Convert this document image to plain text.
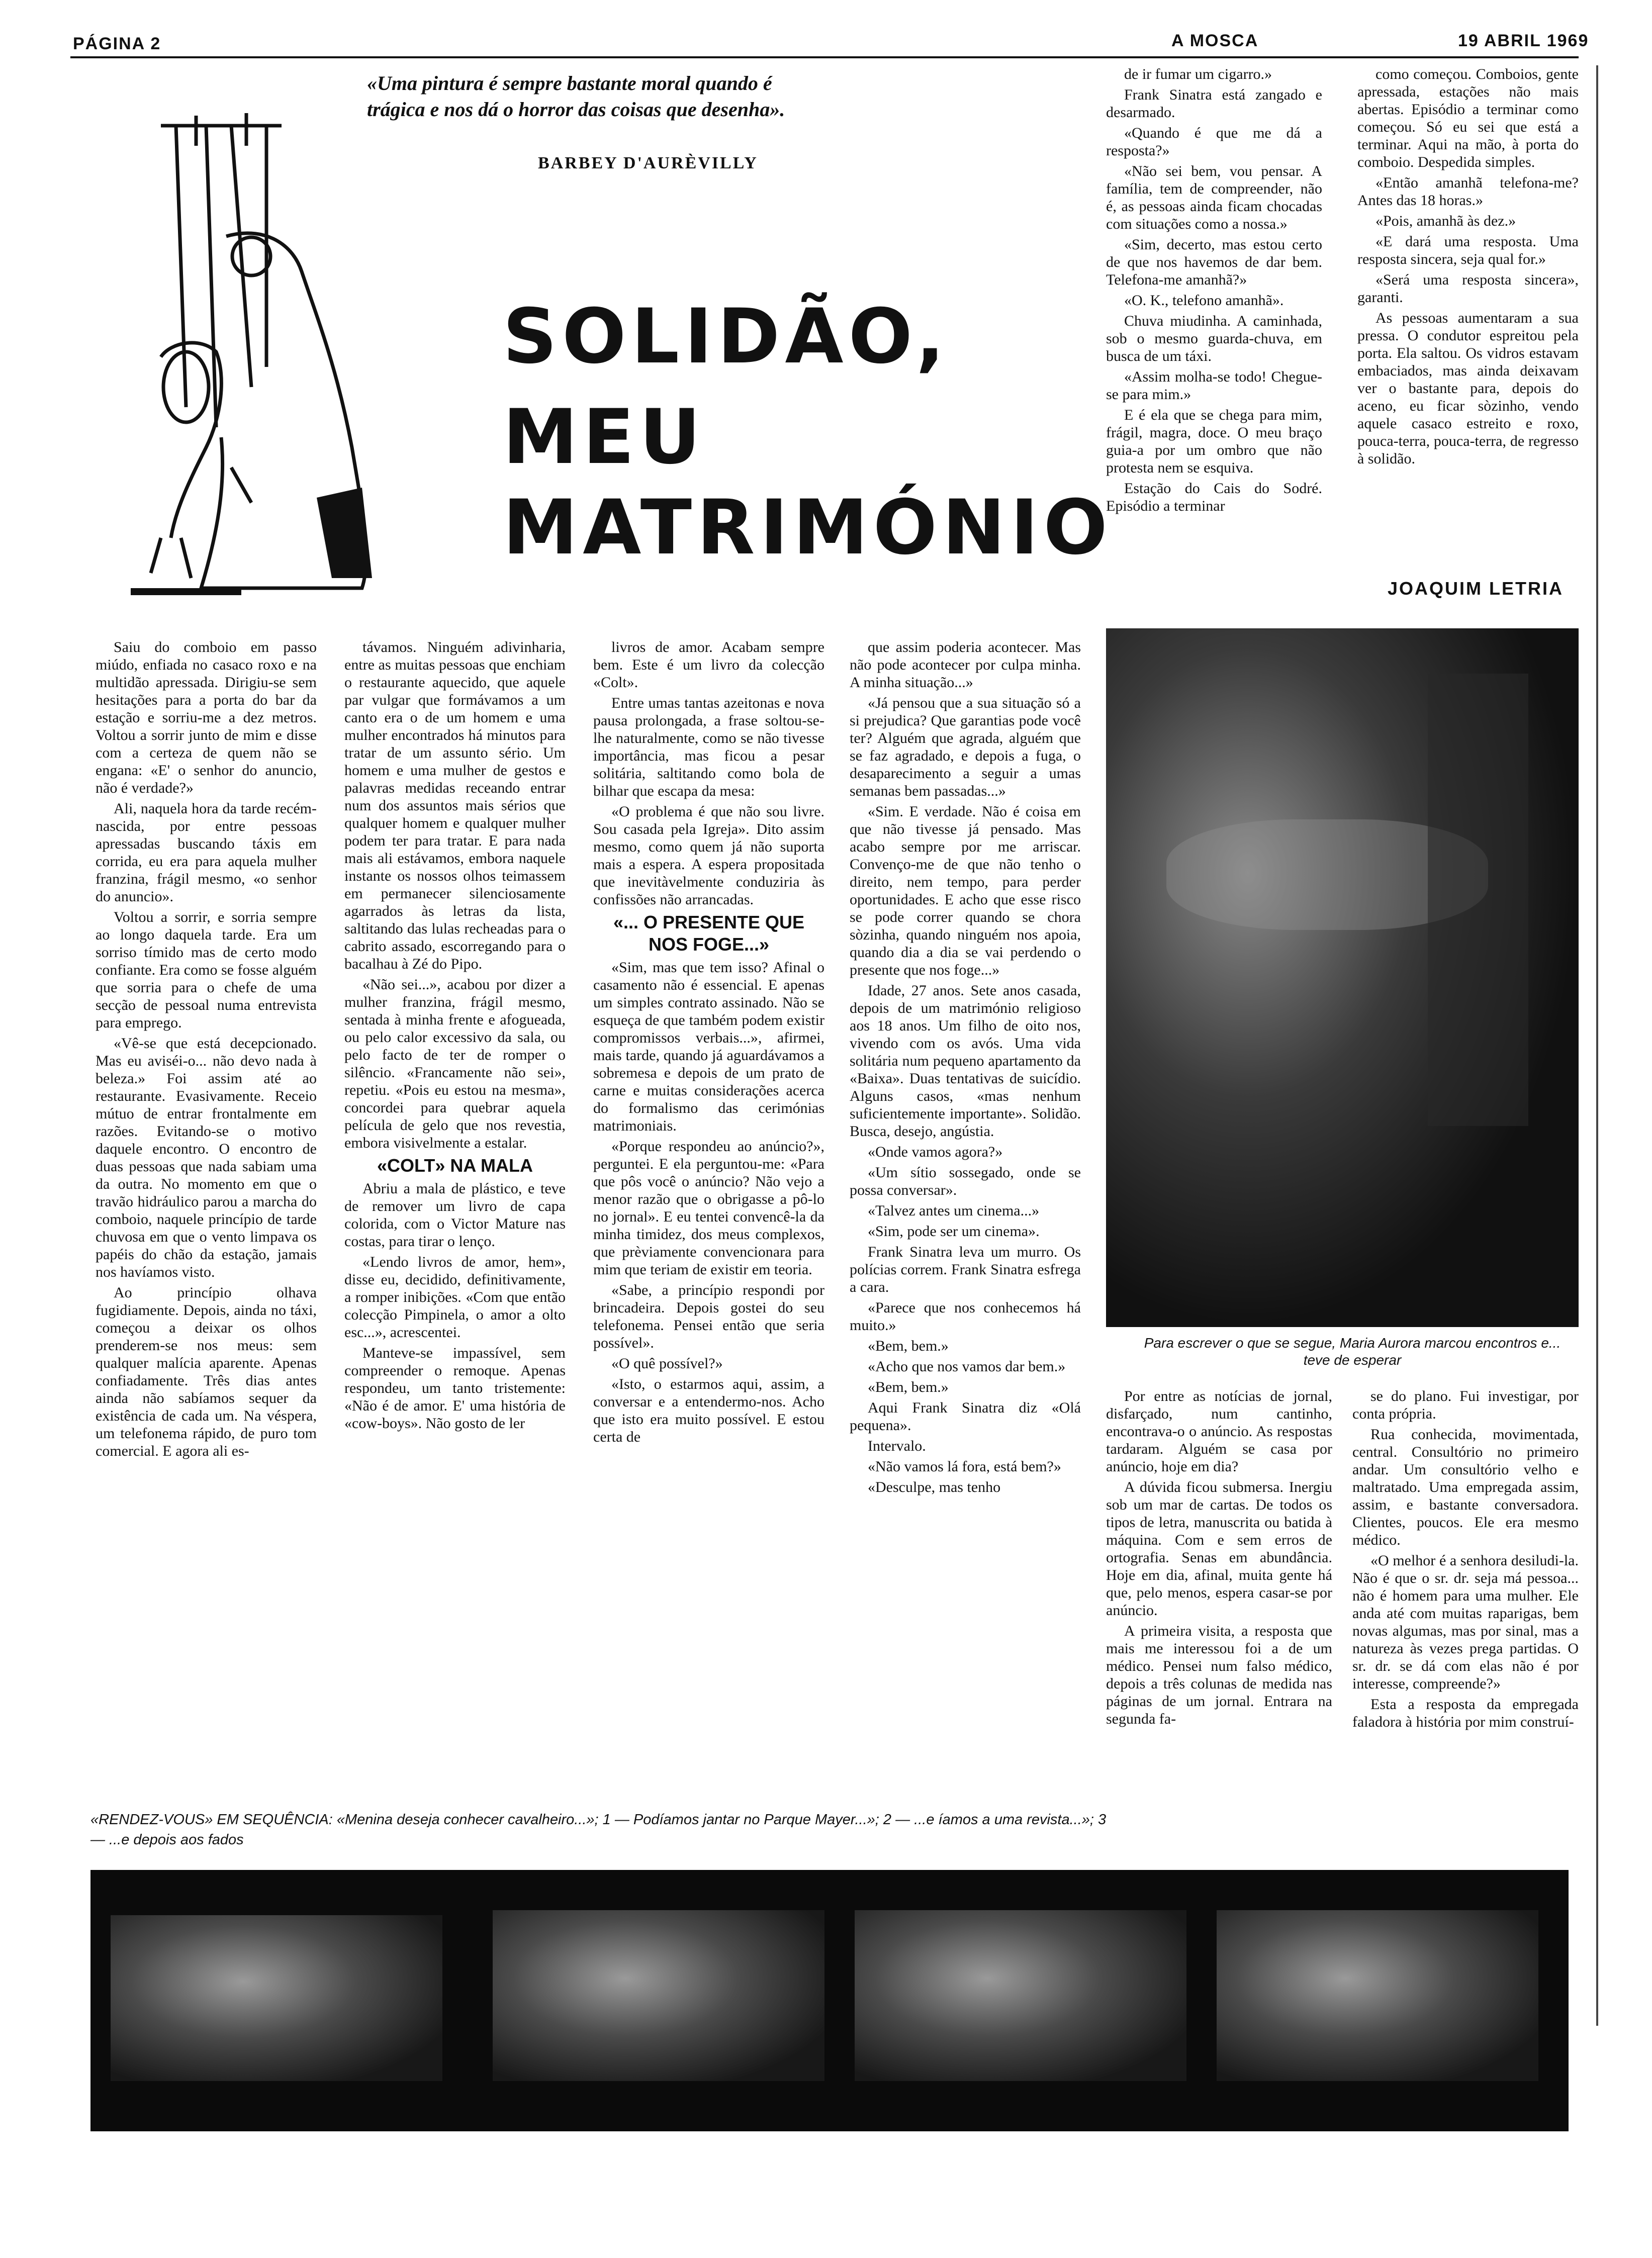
PÁGINA 2	A MOSCA	19 ABRIL 1969
«Uma pintura é sempre bastante moral quando é trágica e nos dá o horror das coisas que desenha».
BARBEY D'AURÈVILLY
SOLIDÃO,
MEU
MATRIMÓNIO

Saiu do comboio em passo miúdo, enfiada no casaco roxo e na multidão apressada. Dirigiu-se sem hesitações para a porta do bar da estação e sorriu-me a dez metros. Voltou a sorrir junto de mim e disse com a certeza de quem não se engana: «E' o senhor do anuncio, não é verdade?»

Ali, naquela hora da tarde recém-nascida, por entre pessoas apressadas buscando táxis em corrida, eu era para aquela mulher franzina, frágil mesmo, «o senhor do anuncio».

Voltou a sorrir, e sorria sempre ao longo daquela tarde. Era um sorriso tímido mas de certo modo confiante. Era como se fosse alguém que sorria para o chefe de uma secção de pessoal numa entrevista para emprego.

«Vê-se que está decepcionado. Mas eu aviséi-o... não devo nada à beleza.» Foi assim até ao restaurante. Evasivamente. Receio mútuo de entrar frontalmente em razões. Evitando-se o motivo daquele encontro. O encontro de duas pessoas que nada sabiam uma da outra. No momento em que o travão hidráulico parou a marcha do comboio, naquele princípio de tarde chuvosa em que o vento limpava os papéis do chão da estação, jamais nos havíamos visto.

Ao princípio olhava fugidiamente. Depois, ainda no táxi, começou a deixar os olhos prenderem-se nos meus: sem qualquer malícia aparente. Apenas confiadamente. Três dias antes ainda não sabíamos sequer da existência de cada um. Na véspera, um telefonema rápido, de puro tom comercial. E agora ali es-

távamos. Ninguém adivinharia, entre as muitas pessoas que enchiam o restaurante aquecido, que aquele par vulgar que formávamos a um canto era o de um homem e uma mulher encontrados há minutos para tratar de um assunto sério. Um homem e uma mulher de gestos e palavras medidas receando entrar num dos assuntos mais sérios que qualquer homem e qualquer mulher podem ter para tratar. E para nada mais ali estávamos, embora naquele instante os nossos olhos teimassem em permanecer silenciosamente agarrados às letras da lista, saltitando das lulas recheadas para o cabrito assado, escorregando para o bacalhau à Zé do Pipo.

«Não sei...», acabou por dizer a mulher franzina, frágil mesmo, sentada à minha frente e afogueada, ou pelo calor excessivo da sala, ou pelo facto de ter de romper o silêncio. «Francamente não sei», repetiu. «Pois eu estou na mesma», concordei para quebrar aquela película de gelo que nos revestia, embora visivelmente a estalar.

«COLT» NA MALA

Abriu a mala de plástico, e teve de remover um livro de capa colorida, com o Victor Mature nas costas, para tirar o lenço.

«Lendo livros de amor, hem», disse eu, decidido, definitivamente, a romper inibições. «Com que então colecção Pimpinela, o amor a olto esc...», acrescentei.

Manteve-se impassível, sem compreender o remoque. Apenas respondeu, um tanto tristemente: «Não é de amor. E' uma história de «cow-boys». Não gosto de ler

livros de amor. Acabam sempre bem. Este é um livro da colecção «Colt».

Entre umas tantas azeitonas e nova pausa prolongada, a frase soltou-se-lhe naturalmente, como se não tivesse importância, mas ficou a pesar solitária, saltitando como bola de bilhar que escapa da mesa:

«O problema é que não sou livre. Sou casada pela Igreja». Dito assim mesmo, como quem já não suporta mais a espera. A espera propositada que inevitàvelmente conduziria às confissões não arrancadas.

«... O PRESENTE QUE NOS FOGE...»

«Sim, mas que tem isso? Afinal o casamento não é essencial. E apenas um simples contrato assinado. Não se esqueça de que também podem existir compromissos verbais...», afirmei, mais tarde, quando já aguardávamos a sobremesa e depois de um prato de carne e muitas considerações acerca do formalismo das cerimónias matrimoniais.

«Porque respondeu ao anúncio?», perguntei. E ela perguntou-me: «Para que pôs você o anúncio? Não vejo a menor razão que o obrigasse a pô-lo no jornal». E eu tentei convencê-la da minha timidez, dos meus complexos, que prèviamente convencionara para mim que teriam de existir em teoria.

«Sabe, a princípio respondi por brincadeira. Depois gostei do seu telefonema. Pensei então que seria possível».

«O quê possível?»

«Isto, o estarmos aqui, assim, a conversar e a entendermo-nos. Acho que isto era muito possível. E estou certa de

que assim poderia acontecer. Mas não pode acontecer por culpa minha. A minha situação...»

«Já pensou que a sua situação só a si prejudica? Que garantias pode você ter? Alguém que agrada, alguém que se faz agradado, e depois a fuga, o desaparecimento a seguir a umas semanas bem passadas...»

«Sim. E verdade. Não é coisa em que não tivesse já pensado. Mas acabo sempre por me arriscar. Convenço-me de que não tenho o direito, nem tempo, para perder oportunidades. E acho que esse risco se pode correr quando se chora sòzinha, quando ninguém nos apoia, quando dia a dia se vai perdendo o presente que nos foge...»

Idade, 27 anos. Sete anos casada, depois de um matrimónio religioso aos 18 anos. Um filho de oito nos, vivendo com os avós. Uma vida solitária num pequeno apartamento da «Baixa». Duas tentativas de suicídio. Alguns casos, «mas nenhum suficientemente importante». Solidão. Busca, desejo, angústia.

«Onde vamos agora?»

«Um sítio sossegado, onde se possa conversar».

«Talvez antes um cinema...»

«Sim, pode ser um cinema».

Frank Sinatra leva um murro. Os polícias correm. Frank Sinatra esfrega a cara.

«Parece que nos conhecemos há muito.»

«Bem, bem.»

«Acho que nos vamos dar bem.»

«Bem, bem.»

Aqui Frank Sinatra diz «Olá pequena».

Intervalo.

«Não vamos lá fora, está bem?»

«Desculpe, mas tenho

de ir fumar um cigarro.»

Frank Sinatra está zangado e desarmado.

«Quando é que me dá a resposta?»

«Não sei bem, vou pensar. A família, tem de compreender, não é, as pessoas ainda ficam chocadas com situações como a nossa.»

«Sim, decerto, mas estou certo de que nos havemos de dar bem. Telefona-me amanhã?»

«O. K., telefono amanhã».

Chuva miudinha. A caminhada, sob o mesmo guarda-chuva, em busca de um táxi.

«Assim molha-se todo! Chegue-se para mim.»

E é ela que se chega para mim, frágil, magra, doce. O meu braço guia-a por um ombro que não protesta nem se esquiva.

Estação do Cais do Sodré. Episódio a terminar

como começou. Comboios, gente apressada, estações não mais abertas. Episódio a terminar como começou. Só eu sei que está a terminar. Aqui na mão, à porta do comboio. Despedida simples.

«Então amanhã telefona-me? Antes das 18 horas.»

«Pois, amanhã às dez.»

«E dará uma resposta. Uma resposta sincera, seja qual for.»

«Será uma resposta sincera», garanti.

As pessoas aumentaram a sua pressa. O condutor espreitou pela porta. Ela saltou. Os vidros estavam embaciados, mas ainda deixavam ver o bastante para, depois do aceno, eu ficar sòzinho, vendo aquele casaco estreito e roxo, pouca-terra, pouca-terra, de regresso à solidão.

JOAQUIM LETRIA
Para escrever o que se segue, Maria Aurora marcou encontros e... teve de esperar

Por entre as notícias de jornal, disfarçado, num cantinho, encontrava-o o anúncio. As respostas tardaram. Alguém se casa por anúncio, hoje em dia?

A dúvida ficou submersa. Inergiu sob um mar de cartas. De todos os tipos de letra, manuscrita ou batida à máquina. Com e sem erros de ortografia. Senas em abundância. Hoje em dia, afinal, muita gente há que, pelo menos, espera casar-se por anúncio.

A primeira visita, a resposta que mais me interessou foi a de um médico. Pensei num falso médico, depois a três colunas de medida nas páginas de um jornal. Entrara na segunda fa-

se do plano. Fui investigar, por conta própria.

Rua conhecida, movimentada, central. Consultório no primeiro andar. Um consultório velho e maltratado. Uma empregada assim, assim, e bastante conversadora. Clientes, poucos. Ele era mesmo médico.

«O melhor é a senhora desiludi-la. Não é que o sr. dr. seja má pessoa... não é homem para uma mulher. Ele anda até com muitas raparigas, bem novas algumas, mas por sinal, mas a natureza às vezes prega partidas. O sr. dr. se dá com elas não é por interesse, compreende?»

Esta a resposta da empregada faladora à história por mim construí-

«RENDEZ-VOUS» EM SEQUÊNCIA: «Menina deseja conhecer cavalheiro...»; 1 — Podíamos jantar no Parque Mayer...»; 2 — ...e íamos a uma revista...»; 3 — ...e depois aos fados
